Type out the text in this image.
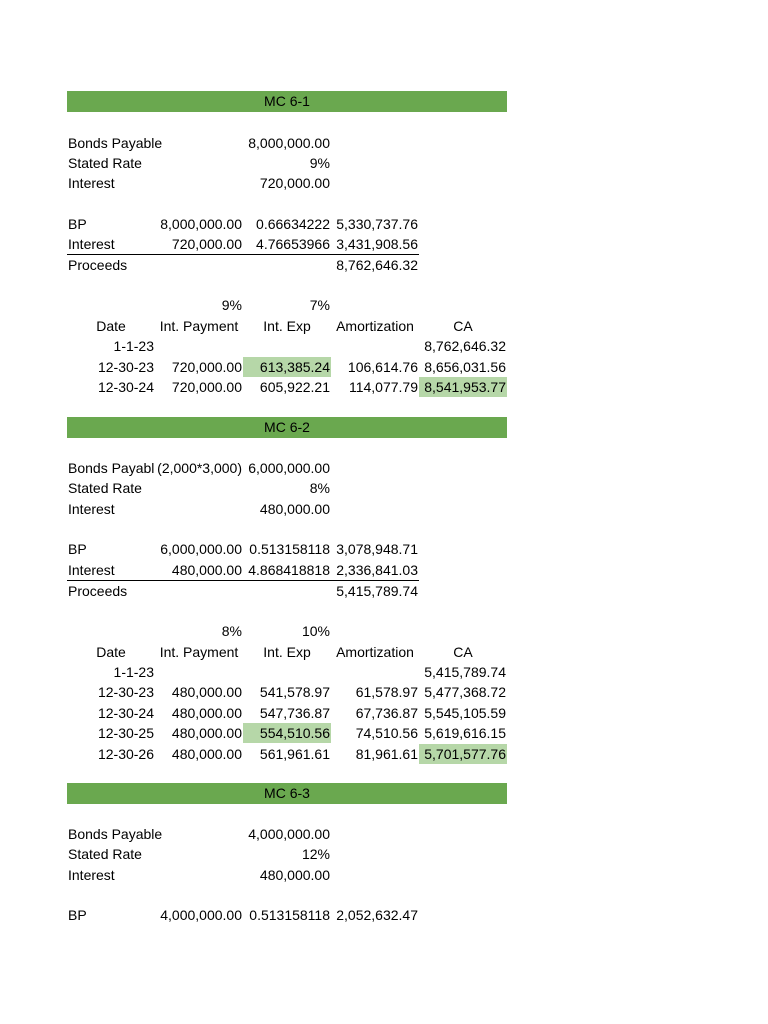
MC 6-1
Bonds Payable	8,000,000.00
Stated Rate	9%
Interest	720,000.00
BP	8,000,000.00	0.66634222 5,330,737.76
Interest	720,000.00	4.76653966 3,431,908.56
Proceeds	8,762,646.32
9%	7%
Date	Int. Payment	Int. Exp	Amortization	CA
1-1-23	8,762,646.32
12-30-23	720,000.00	613,385.24	106,614.76 8,656,031.56
12-30-24	720,000.00	605,922.21	114,077.79 8,541,953.77
MC 6-2
Bonds Payabl (2,000*3,000) 6,000,000.00
Stated Rate	8%
Interest	480,000.00
BP	6,000,000.00 0.513158118 3,078,948.71
Interest	480,000.00 4.868418818 2,336,841.03
Proceeds	5,415,789.74
8%	10%
Date	Int. Payment	Int. Exp	Amortization	CA
1-1-23	5,415,789.74
12-30-23	480,000.00	541,578.97	61,578.97 5,477,368.72
12-30-24	480,000.00	547,736.87	67,736.87 5,545,105.59
12-30-25	480,000.00	554,510.56	74,510.56 5,619,616.15
12-30-26	480,000.00	561,961.61	81,961.61 5,701,577.76
MC 6-3
Bonds Payable	4,000,000.00
Stated Rate	12%
Interest	480,000.00
BP	4,000,000.00 0.513158118 2,052,632.47
